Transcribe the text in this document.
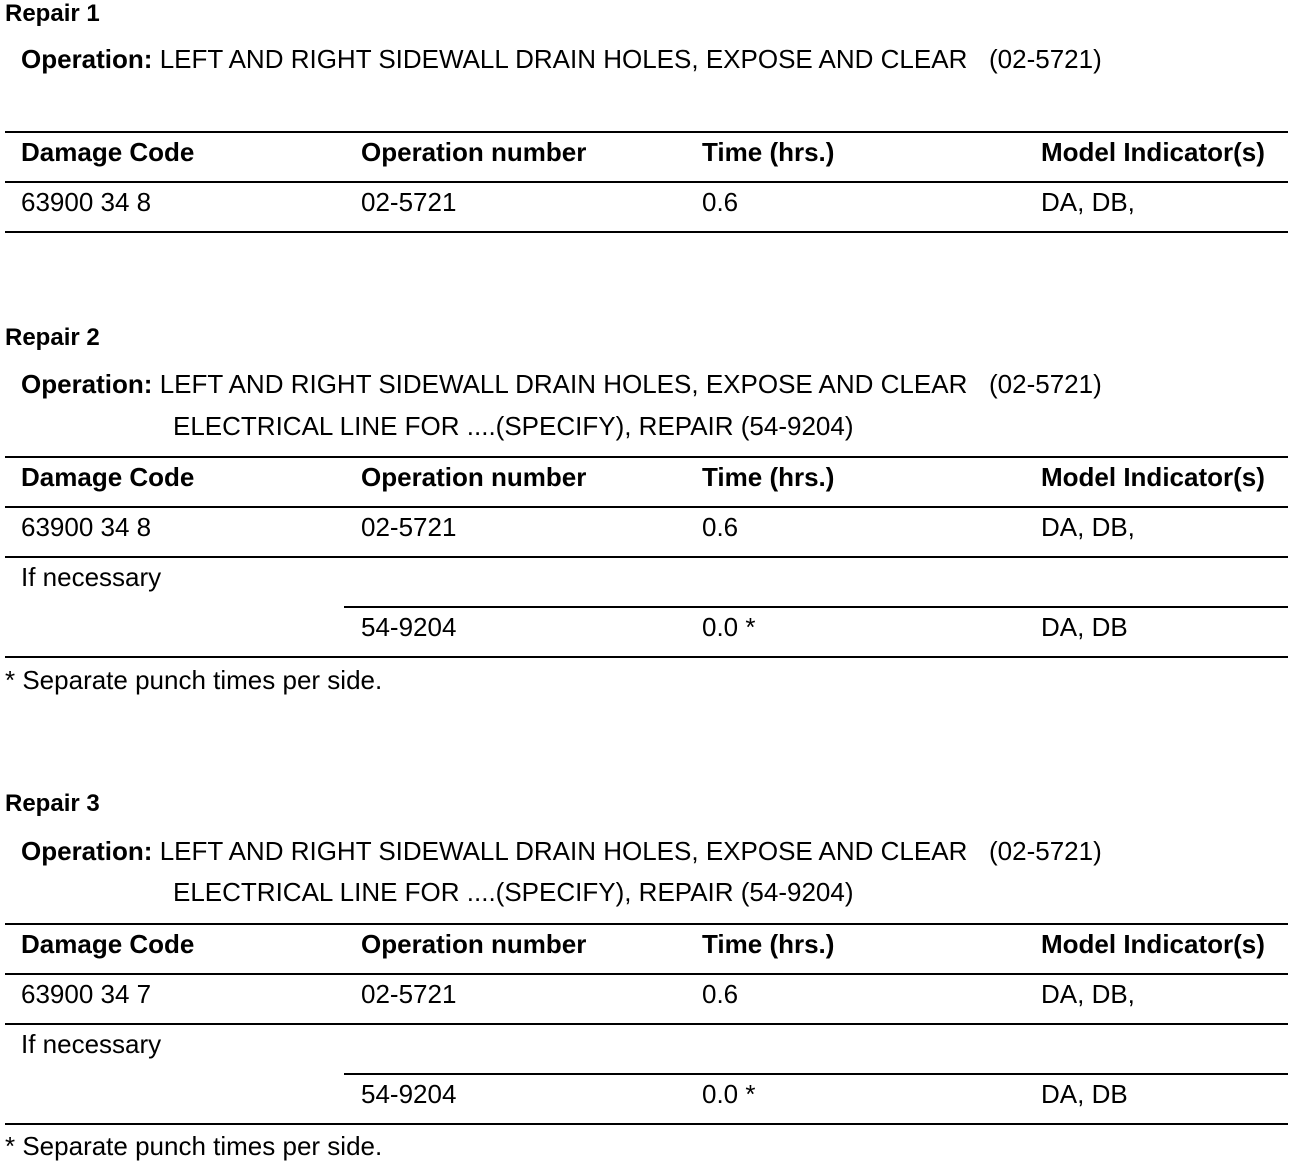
Repair 1
Operation: LEFT AND RIGHT SIDEWALL DRAIN HOLES, EXPOSE AND CLEAR   (02-5721)
Damage Code	Operation number	Time (hrs.)	Model Indicator(s)
63900 34 8	02-5721	0.6	DA, DB,
Repair 2
Operation: LEFT AND RIGHT SIDEWALL DRAIN HOLES, EXPOSE AND CLEAR   (02-5721)
ELECTRICAL LINE FOR ....(SPECIFY), REPAIR (54-9204)
Damage Code	Operation number	Time (hrs.)	Model Indicator(s)
63900 34 8	02-5721	0.6	DA, DB,
If necessary
54-9204	0.0 *	DA, DB
* Separate punch times per side.
Repair 3
Operation: LEFT AND RIGHT SIDEWALL DRAIN HOLES, EXPOSE AND CLEAR   (02-5721)
ELECTRICAL LINE FOR ....(SPECIFY), REPAIR (54-9204)
Damage Code	Operation number	Time (hrs.)	Model Indicator(s)
63900 34 7	02-5721	0.6	DA, DB,
If necessary
54-9204	0.0 *	DA, DB
* Separate punch times per side.
